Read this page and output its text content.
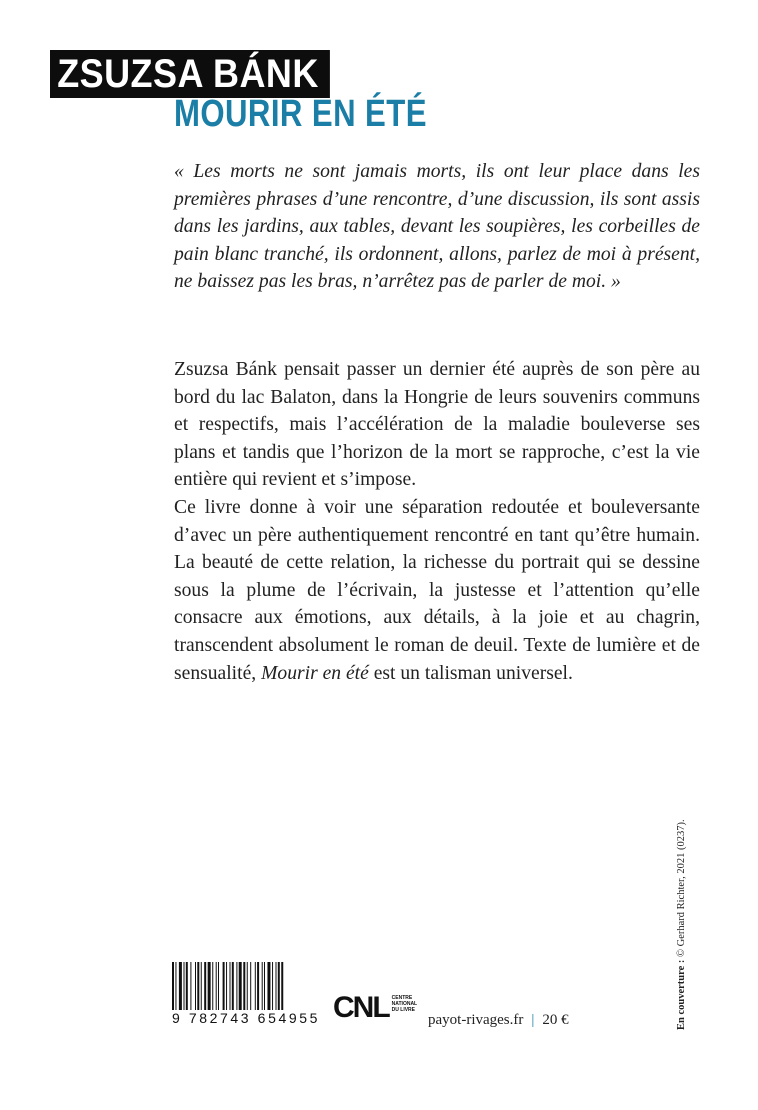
ZSUZSA BÁNK
MOURIR EN ÉTÉ

« Les morts ne sont jamais morts, ils ont leur place dans les premières phrases d’une rencontre, d’une discussion, ils sont assis dans les jardins, aux tables, devant les soupières, les corbeilles de pain blanc tranché, ils ordonnent, allons, parlez de moi à présent, ne baissez pas les bras, n’arrêtez pas de parler de moi. »

Zsuzsa Bánk pensait passer un dernier été auprès de son père au bord du lac Balaton, dans la Hongrie de leurs souvenirs communs et respectifs, mais l’accélération de la maladie bouleverse ses plans et tandis que l’horizon de la mort se rapproche, c’est la vie entière qui revient et s’impose.

Ce livre donne à voir une séparation redoutée et bouleversante d’avec un père authentiquement rencontré en tant qu’être humain. La beauté de cette relation, la richesse du portrait qui se dessine sous la plume de l’écrivain, la justesse et l’attention qu’elle consacre aux émotions, aux détails, à la joie et au chagrin, transcendent absolument le roman de deuil. Texte de lumière et de sensualité, Mourir en été est un talisman universel.

En couverture : © Gerhard Richter, 2021 (0237).
9 782743 654955 CNL CENTRE
NATIONAL
DU LIVRE
payot-rivages.fr | 20 €
